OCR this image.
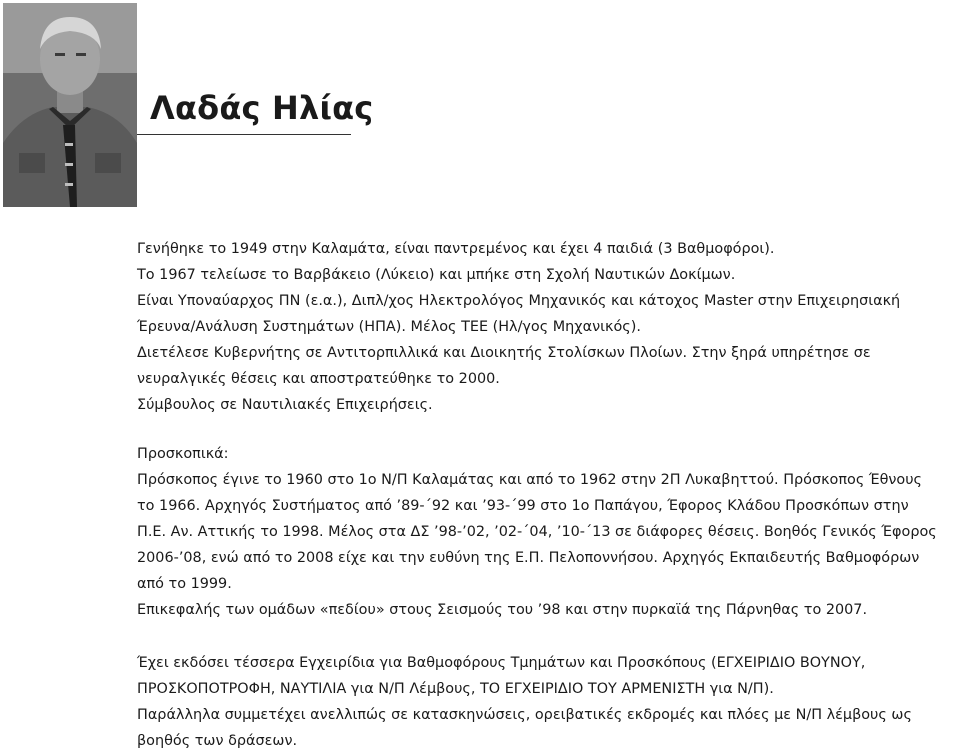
Λαδάς Ηλίας
Γενήθηκε το 1949 στην Καλαμάτα, είναι παντρεμένος και έχει 4 παιδιά (3 Βαθμοφόροι).
Το 1967 τελείωσε το Βαρβάκειο (Λύκειο) και μπήκε στη Σχολή Ναυτικών Δοκίμων.
Είναι Υποναύαρχος ΠΝ (ε.α.), Διπλ/χος Ηλεκτρολόγος Μηχανικός και κάτοχος Master στην Επιχειρησιακή
Έρευνα/Ανάλυση Συστημάτων (ΗΠΑ). Μέλος ΤΕΕ (Ηλ/γος Μηχανικός).
Διετέλεσε Κυβερνήτης σε Αντιτορπιλλικά και Διοικητής Στολίσκων Πλοίων. Στην ξηρά υπηρέτησε σε
νευραλγικές θέσεις και αποστρατεύθηκε το 2000.
Σύμβουλος σε Ναυτιλιακές Επιχειρήσεις.
Προσκοπικά:
Πρόσκοπος έγινε το 1960 στο 1ο Ν/Π Καλαμάτας και από το 1962 στην 2Π Λυκαβηττού. Πρόσκοπος Έθνους
το 1966. Αρχηγός Συστήματος από ’89-΄92 και ’93-΄99 στο 1ο Παπάγου, Έφορος Κλάδου Προσκόπων στην
Π.Ε. Αν. Αττικής το 1998. Μέλος στα ΔΣ ’98-’02, ’02-΄04, ’10-΄13 σε διάφορες θέσεις. Βοηθός Γενικός Έφορος
2006-’08, ενώ από το 2008 είχε και την ευθύνη της Ε.Π. Πελοποννήσου. Αρχηγός Εκπαιδευτής Βαθμοφόρων
από το 1999.
Επικεφαλής των ομάδων «πεδίου» στους Σεισμούς του ’98 και στην πυρκαϊά της Πάρνηθας το 2007.
Έχει εκδόσει τέσσερα Εγχειρίδια για Βαθμοφόρους Τμημάτων και Προσκόπους (ΕΓΧΕΙΡΙΔΙΟ ΒΟΥΝΟΥ,
ΠΡΟΣΚΟΠΟΤΡΟΦΗ, ΝΑΥΤΙΛΙΑ για Ν/Π Λέμβους, ΤΟ ΕΓΧΕΙΡΙΔΙΟ ΤΟΥ ΑΡΜΕΝΙΣΤΗ για Ν/Π).
Παράλληλα συμμετέχει ανελλιπώς σε κατασκηνώσεις, ορειβατικές εκδρομές και πλόες με Ν/Π λέμβους ως
βοηθός των δράσεων.
